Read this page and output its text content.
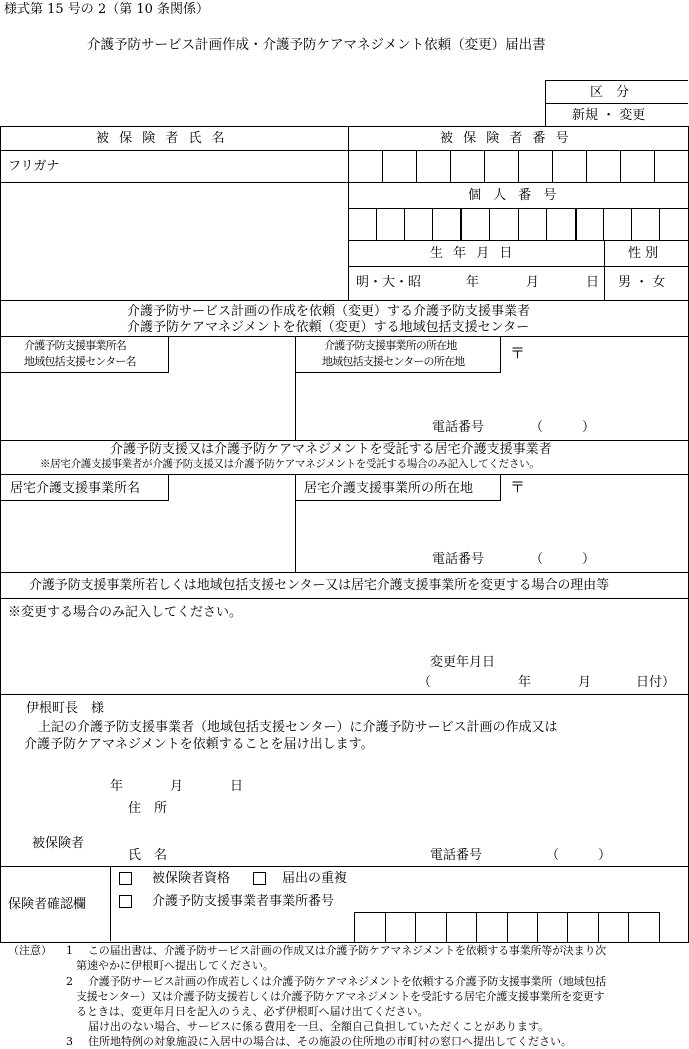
様式第 15 号の 2（第 10 条関係）
介護予防サービス計画作成・介護予防ケアマネジメント依頼（変更）届出書
区　分
新規 ・ 変更
被 保 険 者 氏 名	被 保 険 者 番 号
フリガナ
個 人 番 号
生 年 月 日	性 別
明・大・昭	年	月	日 男 ・ 女
介護予防サービス計画の作成を依頼（変更）する介護予防支援事業者
介護予防ケアマネジメントを依頼（変更）する地域包括支援センター
介護予防支援事業所名
地域包括支援センター名
介護予防支援事業所の所在地
地域包括支援センターの所在地	〒
電話番号	（　　　）
介護予防支援又は介護予防ケアマネジメントを受託する居宅介護支援事業者
※居宅介護支援事業者が介護予防支援又は介護予防ケアマネジメントを受託する場合のみ記入してください。
居宅介護支援事業所名	居宅介護支援事業所の所在地 〒
電話番号	（　　　）
介護予防支援事業所若しくは地域包括支援センター又は居宅介護支援事業所を変更する場合の理由等
※変更する場合のみ記入してください。
変更年月日
（	年	月	日付）
伊根町長　様
上記の介護予防支援事業者（地域包括支援センター）に介護予防サービス計画の作成又は
介護予防ケアマネジメントを依頼することを届け出します。
年	月	日
住　所
被保険者
氏　名	電話番号	（　　　）
保険者確認欄
被保険者資格	届出の重複
介護予防支援事業者事業所番号
（注意） 1 この届出書は、介護予防サービス計画の作成又は介護予防ケアマネジメントを依頼する事業所等が決まり次
第速やかに伊根町へ提出してください。
2 介護予防サービス計画の作成若しくは介護予防ケアマネジメントを依頼する介護予防支援事業所（地域包括
支援センター）又は介護予防支援若しくは介護予防ケアマネジメントを受託する居宅介護支援事業所を変更す
るときは、変更年月日を記入のうえ、必ず伊根町へ届け出てください。
届け出のない場合、サービスに係る費用を一旦、全額自己負担していただくことがあります。
3 住所地特例の対象施設に入居中の場合は、その施設の住所地の市町村の窓口へ提出してください。
